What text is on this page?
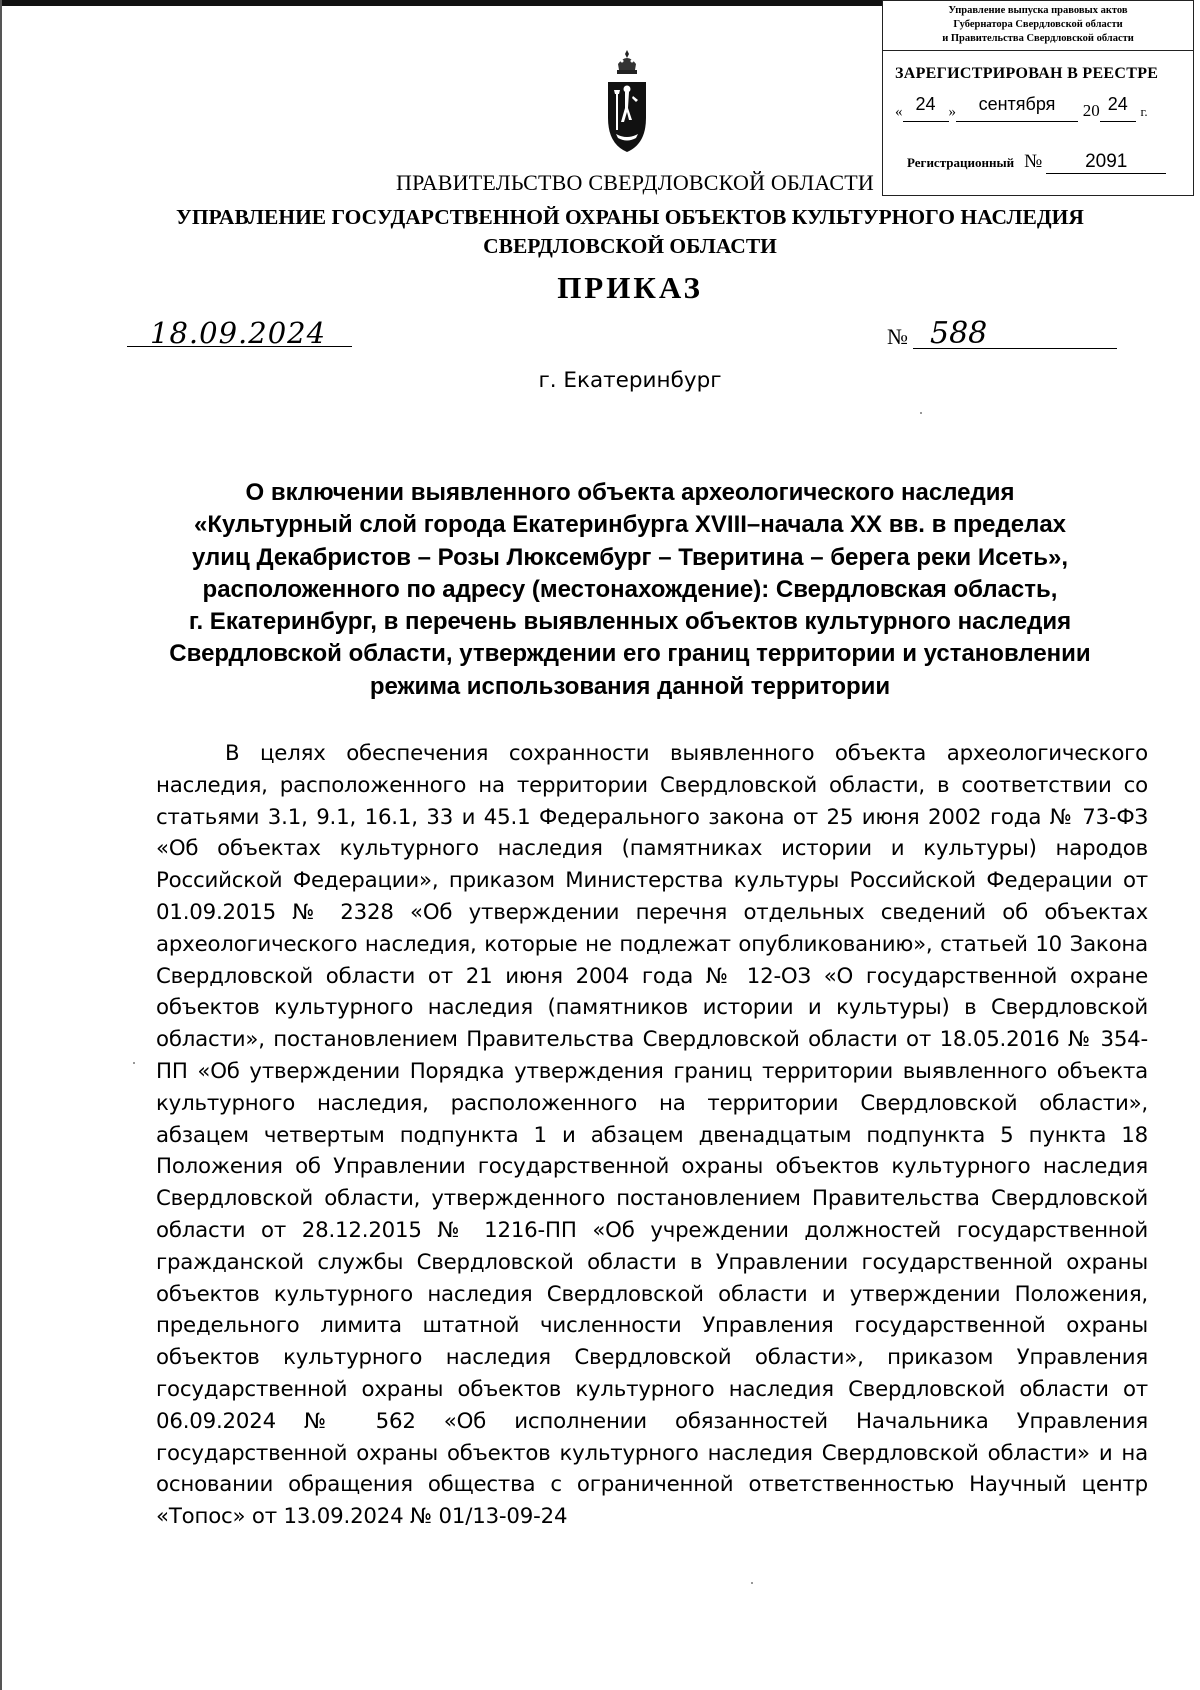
Управление выпуска правовых актов
Губернатора Свердловской области
и Правительства Свердловской области
ЗАРЕГИСТРИРОВАН В РЕЕСТРЕ
« 24 » сентября 20 24 г.
Регистрационный № 2091
ПРАВИТЕЛЬСТВО СВЕРДЛОВСКОЙ ОБЛАСТИ
УПРАВЛЕНИЕ ГОСУДАРСТВЕННОЙ ОХРАНЫ ОБЪЕКТОВ КУЛЬТУРНОГО НАСЛЕДИЯ
СВЕРДЛОВСКОЙ ОБЛАСТИ
ПРИКАЗ
18.09.2024	№ 588
г. Екатеринбург
О включении выявленного объекта археологического наследия
«Культурный слой города Екатеринбурга XVIII–начала XX вв. в пределах
улиц Декабристов – Розы Люксембург – Тверитина – берега реки Исеть»,
расположенного по адресу (местонахождение): Свердловская область,
г. Екатеринбург, в перечень выявленных объектов культурного наследия
Свердловской области, утверждении его границ территории и установлении
режима использования данной территории
В целях обеспечения сохранности выявленного объекта археологического наследия, расположенного на территории Свердловской области, в соответствии со статьями 3.1, 9.1, 16.1, 33 и 45.1 Федерального закона от 25 июня 2002 года № 73-ФЗ «Об объектах культурного наследия (памятниках истории и культуры) народов Российской Федерации», приказом Министерства культуры Российской Федерации от 01.09.2015 № 2328 «Об утверждении перечня отдельных сведений об объектах археологического наследия, которые не подлежат опубликованию», статьей 10 Закона Свердловской области от 21 июня 2004 года № 12-ОЗ «О государственной охране объектов культурного наследия (памятников истории и культуры) в Свердловской области», постановлением Правительства Свердловской области от 18.05.2016 № 354-ПП «Об утверждении Порядка утверждения границ территории выявленного объекта культурного наследия, расположенного на территории Свердловской области», абзацем четвертым подпункта 1 и абзацем двенадцатым подпункта 5 пункта 18 Положения об Управлении государственной охраны объектов культурного наследия Свердловской области, утвержденного постановлением Правительства Свердловской области от 28.12.2015 № 1216-ПП «Об учреждении должностей государственной гражданской службы Свердловской области в Управлении государственной охраны объектов культурного наследия Свердловской области и утверждении Положения, предельного лимита штатной численности Управления государственной охраны объектов культурного наследия Свердловской области», приказом Управления государственной охраны объектов культурного наследия Свердловской области от 06.09.2024 № 562 «Об исполнении обязанностей Начальника Управления государственной охраны объектов культурного наследия Свердловской области» и на основании обращения общества с ограниченной ответственностью Научный центр «Топос» от 13.09.2024 № 01/13-09-24
